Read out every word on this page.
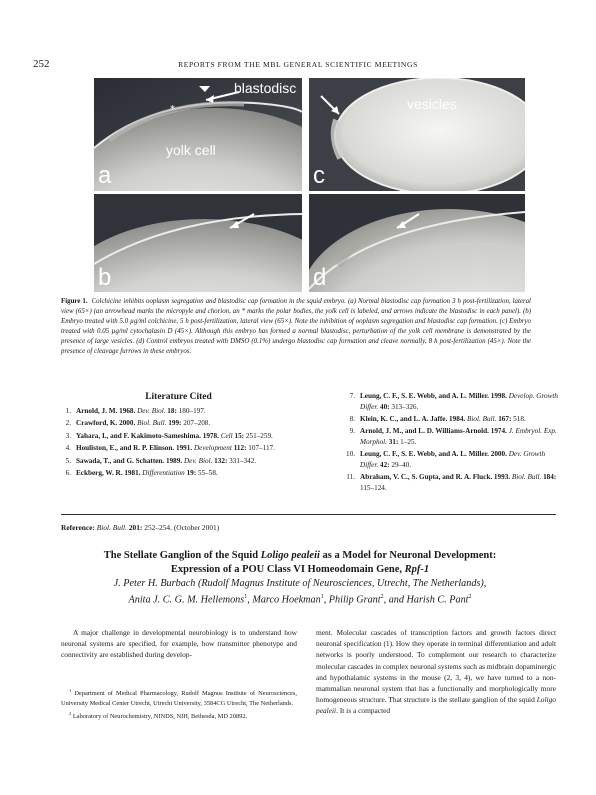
252	REPORTS FROM THE MBL GENERAL SCIENTIFIC MEETINGS
*
blastodisc
yolk cell
a
vesicles
c
b	d
Figure 1. Colchicine inhibits ooplasm segregation and blastodisc cap formation in the squid embryo. (a) Normal blastodisc cap formation 3 h post-fertilization, lateral view (65×) (an arrowhead marks the micropyle and chorion, an * marks the polar bodies, the yolk cell is labeled, and arrows indicate the blastodisc in each panel). (b) Embryo treated with 5.0 µg/ml colchicine, 5 h post-fertilization, lateral view (65×). Note the inhibition of ooplasm segregation and blastodisc cap formation. (c) Embryo treated with 0.05 µg/ml cytochalasin D (45×). Although this embryo has formed a normal blastodisc, perturbation of the yolk cell membrane is demonstrated by the presence of large vesicles. (d) Control embryos treated with DMSO (0.1%) undergo blastodisc cap formation and cleave normally, 8 h post-fertilization (45×). Note the presence of cleavage furrows in these embryos.
Literature Cited
1. Arnold, J. M. 1968. Dev. Biol. 18: 180–197.
2. Crawford, K. 2000. Biol. Bull. 199: 207–208.
3. Yahara, I., and F. Kakimoto-Sameshima. 1978. Cell 15: 251–259.
4. Houliston, E., and R. P. Elinson. 1991. Development 112: 107–117.
5. Sawada, T., and G. Schatten. 1989. Dev. Biol. 132: 331–342.
6. Eckberg, W. R. 1981. Differentiation 19: 55–58.
7. Leung, C. F., S. E. Webb, and A. L. Miller. 1998. Develop. Growth Differ. 40: 313–326.
8. Klein, K. C., and L. A. Jaffe. 1984. Biol. Bull. 167: 518.
9. Arnold, J. M., and L. D. Williams-Arnold. 1974. J. Embryol. Exp. Morphol. 31: 1–25.
10. Leung, C. F., S. E. Webb, and A. L. Miller. 2000. Dev. Growth Differ. 42: 29–40.
11. Abraham, V. C., S. Gupta, and R. A. Fluck. 1993. Biol. Bull. 184: 115–124.
Reference: Biol. Bull. 201: 252–254. (October 2001)
The Stellate Ganglion of the Squid Loligo pealeii as a Model for Neuronal Development:
Expression of a POU Class VI Homeodomain Gene, Rpf-1
J. Peter H. Burbach (Rudolf Magnus Institute of Neurosciences, Utrecht, The Netherlands),
Anita J. C. G. M. Hellemons$^1$, Marco Hoekman$^1$, Philip Grant$^2$, and Harish C. Pant$^2$

A major challenge in developmental neurobiology is to understand how neuronal systems are specified, for example, how transmitter phenotype and connectivity are established during develop-

$^1$ Department of Medical Pharmacology, Rudolf Magnus Institute of Neurosciences, University Medical Center Utrecht, Utrecht University, 3584CG Utrecht, The Netherlands.

$^2$ Laboratory of Neurochemistry, NINDS, NIH, Bethesda, MD 20892.

ment. Molecular cascades of transcription factors and growth factors direct neuronal specification (1). How they operate in terminal differentiation and adult networks is poorly understood. To complement our research to characterize molecular cascades in complex neuronal systems such as midbrain dopaminergic and hypothalamic systems in the mouse (2, 3, 4), we have turned to a non-mammalian neuronal system that has a functionally and morphologically more homogeneous structure. That structure is the stellate ganglion of the squid Loligo pealeii. It is a compacted
